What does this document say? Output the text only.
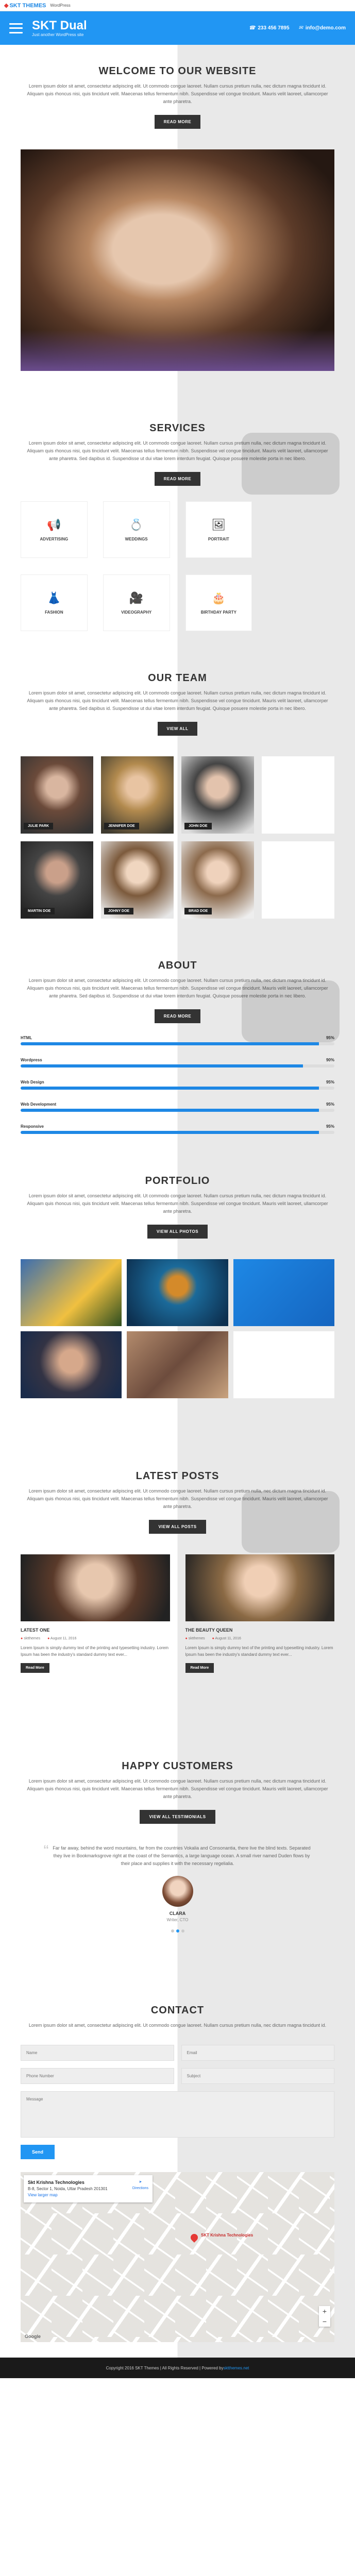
◆ SKT THEMES WordPress
SKT Dual

Just another WordPress site

☎ 233 456 7895 ✉ info@demo.com
WELCOME TO OUR WEBSITE

Lorem ipsum dolor sit amet, consectetur adipiscing elit. Ut commodo congue laoreet. Nullam cursus pretium nulla, nec dictum magna tincidunt id. Aliquam quis rhoncus nisi, quis tincidunt velit. Maecenas tellus fermentum nibh. Suspendisse vel congue tincidunt. Mauris velit laoreet, ullamcorper ante pharetra.

READ MORE
SERVICES

Lorem ipsum dolor sit amet, consectetur adipiscing elit. Ut commodo congue laoreet. Nullam cursus pretium nulla, nec dictum magna tincidunt id. Aliquam quis rhoncus nisi, quis tincidunt velit. Maecenas tellus fermentum nibh. Suspendisse vel congue tincidunt. Mauris velit laoreet, ullamcorper ante pharetra. Sed dapibus id. Suspendisse ut dui vitae lorem interdum feugiat. Quisque posuere molestie porta in nec libero.

READ MORE
📢
ADVERTISING
💍
WEDDINGS
🖼
PORTRAIT
👗
FASHION
🎥
VIDEOGRAPHY
🎂
BIRTHDAY PARTY
OUR TEAM

Lorem ipsum dolor sit amet, consectetur adipiscing elit. Ut commodo congue laoreet. Nullam cursus pretium nulla, nec dictum magna tincidunt id. Aliquam quis rhoncus nisi, quis tincidunt velit. Maecenas tellus fermentum nibh. Suspendisse vel congue tincidunt. Mauris velit laoreet, ullamcorper ante pharetra. Sed dapibus id. Suspendisse ut dui vitae lorem interdum feugiat. Quisque posuere molestie porta in nec libero.

VIEW ALL
JULIE PARK	JENNIFER DOE	JOHN DOE
MARTIN DOE	JOHNY DOE	BRAD DOE
ABOUT

Lorem ipsum dolor sit amet, consectetur adipiscing elit. Ut commodo congue laoreet. Nullam cursus pretium nulla, nec dictum magna tincidunt id. Aliquam quis rhoncus nisi, quis tincidunt velit. Maecenas tellus fermentum nibh. Suspendisse vel congue tincidunt. Mauris velit laoreet, ullamcorper ante pharetra. Sed dapibus id. Suspendisse ut dui vitae lorem interdum feugiat. Quisque posuere molestie porta in nec libero.

READ MORE
HTML	95%
Wordpress	90%
Web Design	95%
Web Development	95%
Responsive	95%
PORTFOLIO

Lorem ipsum dolor sit amet, consectetur adipiscing elit. Ut commodo congue laoreet. Nullam cursus pretium nulla, nec dictum magna tincidunt id. Aliquam quis rhoncus nisi, quis tincidunt velit. Maecenas tellus fermentum nibh. Suspendisse vel congue tincidunt. Mauris velit laoreet, ullamcorper ante pharetra.

VIEW ALL PHOTOS
LATEST POSTS

Lorem ipsum dolor sit amet, consectetur adipiscing elit. Ut commodo congue laoreet. Nullam cursus pretium nulla, nec dictum magna tincidunt id. Aliquam quis rhoncus nisi, quis tincidunt velit. Maecenas tellus fermentum nibh. Suspendisse vel congue tincidunt. Mauris velit laoreet, ullamcorper ante pharetra.

VIEW ALL POSTS
LATEST ONE
● sktthemes ● August 11, 2016

Lorem Ipsum is simply dummy text of the printing and typesetting industry. Lorem Ipsum has been the industry's standard dummy text ever...

Read More
THE BEAUTY QUEEN
● sktthemes ● August 11, 2016

Lorem Ipsum is simply dummy text of the printing and typesetting industry. Lorem Ipsum has been the industry's standard dummy text ever...

Read More
HAPPY CUSTOMERS

Lorem ipsum dolor sit amet, consectetur adipiscing elit. Ut commodo congue laoreet. Nullam cursus pretium nulla, nec dictum magna tincidunt id. Aliquam quis rhoncus nisi, quis tincidunt velit. Maecenas tellus fermentum nibh. Suspendisse vel congue tincidunt. Mauris velit laoreet, ullamcorper ante pharetra.

VIEW ALL TESTIMONIALS

“ Far far away, behind the word mountains, far from the countries Vokalia and Consonantia, there live the blind texts. Separated they live in Bookmarksgrove right at the coast of the Semantics, a large language ocean. A small river named Duden flows by their place and supplies it with the necessary regelialia.

CLARA
Writer, CTO
CONTACT

Lorem ipsum dolor sit amet, consectetur adipiscing elit. Ut commodo congue laoreet. Nullam cursus pretium nulla, nec dictum magna tincidunt id.

Name
Email
Phone Number
Subject
Message
Send
Skt Krishna Technologies
B-8, Sector 1, Noida, Uttar Pradesh 201301
View larger map
➤
Directions
SKT Krishna Technologies
+
−
Google
Copyright 2016 SKT Themes | All Rights Reserved | Powered by sktthemes.net
